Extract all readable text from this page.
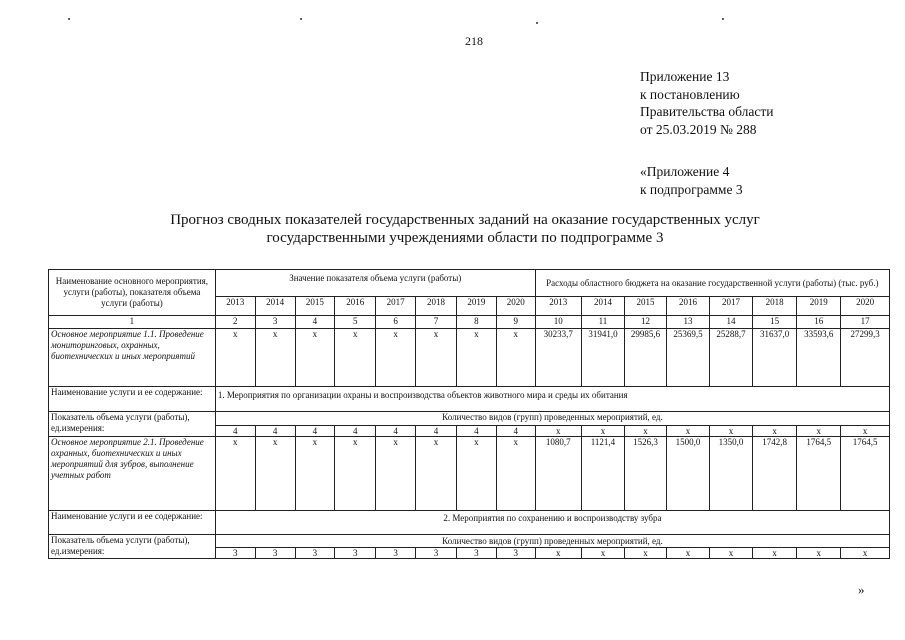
218
Приложение 13
к постановлению
Правительства области
от 25.03.2019 № 288
«Приложение 4
к подпрограмме 3
Прогноз сводных показателей государственных заданий на оказание государственных услуг
государственными учреждениями области по подпрограмме 3
Наименование основного мероприятия, услуги (работы), показателя объема услуги (работы)	Значение показателя объема услуги (работы)								Расходы областного бюджета на оказание государственной услуги (работы) (тыс. руб.)							
	2013	2014	2015	2016	2017	2018	2019	2020	2013	2014	2015	2016	2017	2018	2019	2020
1	2	3	4	5	6	7	8	9	10	11	12	13	14	15	16	17
Основное мероприятие 1.1. Проведение мониторинговых, охранных, биотехнических и иных мероприятий	x	x	x	x	x	x	x	x	30233,7	31941,0	29985,6	25369,5	25288,7	31637,0	33593,6	27299,3
Наименование услуги и ее содержание:	1. Мероприятия по организации охраны и воспроизводства объектов животного мира и среды их обитания															
Показатель объема услуги (работы), ед.измерения:	Количество видов (групп) проведенных мероприятий, ед.															
	4	4	4	4	4	4	4	4	x	x	x	x	x	x	x	x
Основное мероприятие 2.1. Проведение охранных, биотехнических и иных мероприятий для зубров, выполнение учетных работ	x	x	x	x	x	x	x	x	1080,7	1121,4	1526,3	1500,0	1350,0	1742,8	1764,5	1764,5
Наименование услуги и ее содержание:	2. Мероприятия по сохранению и воспроизводству зубра															
Показатель объема услуги (работы), ед.измерения:	Количество видов (групп) проведенных мероприятий, ед.															
	3	3	3	3	3	3	3	3	x	x	x	x	x	x	x	x
»
